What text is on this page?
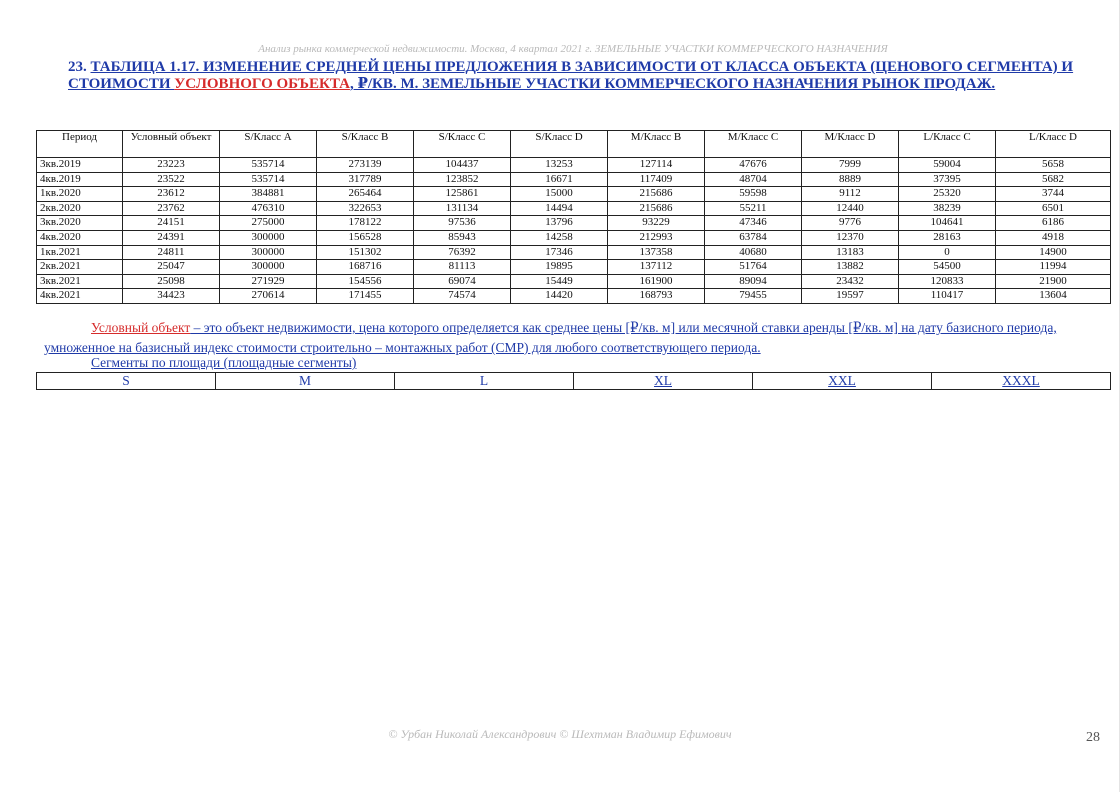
Анализ рынка коммерческой недвижимости. Москва, 4 квартал 2021 г. ЗЕМЕЛЬНЫЕ УЧАСТКИ КОММЕРЧЕСКОГО НАЗНАЧЕНИЯ
23. ТАБЛИЦА 1.17. ИЗМЕНЕНИЕ СРЕДНЕЙ ЦЕНЫ ПРЕДЛОЖЕНИЯ В ЗАВИСИМОСТИ ОТ КЛАССА ОБЪЕКТА (ЦЕНОВОГО СЕГМЕНТА) И СТОИМОСТИ УСЛОВНОГО ОБЪЕКТА, ₽/КВ. М. ЗЕМЕЛЬНЫЕ УЧАСТКИ КОММЕРЧЕСКОГО НАЗНАЧЕНИЯ РЫНОК ПРОДАЖ.
Период	Условный объект	S/Класс A	S/Класс B	S/Класс C	S/Класс D	M/Класс B	M/Класс C	M/Класс D	L/Класс C	L/Класс D
3кв.2019	23223	535714	273139	104437	13253	127114	47676	7999	59004	5658
4кв.2019	23522	535714	317789	123852	16671	117409	48704	8889	37395	5682
1кв.2020	23612	384881	265464	125861	15000	215686	59598	9112	25320	3744
2кв.2020	23762	476310	322653	131134	14494	215686	55211	12440	38239	6501
3кв.2020	24151	275000	178122	97536	13796	93229	47346	9776	104641	6186
4кв.2020	24391	300000	156528	85943	14258	212993	63784	12370	28163	4918
1кв.2021	24811	300000	151302	76392	17346	137358	40680	13183	0	14900
2кв.2021	25047	300000	168716	81113	19895	137112	51764	13882	54500	11994
3кв.2021	25098	271929	154556	69074	15449	161900	89094	23432	120833	21900
4кв.2021	34423	270614	171455	74574	14420	168793	79455	19597	110417	13604
Условный объект – это объект недвижимости, цена которого определяется как среднее цены [₽/кв. м] или месячной ставки аренды [₽/кв. м] на дату базисного периода, умноженное на базисный индекс стоимости строительно – монтажных работ (СМР) для любого соответствующего периода.
Сегменты по площади (площадные сегменты)
S	M	L	XL	XXL	XXXL
© Урбан Николай Александрович © Шехтман Владимир Ефимович	28
